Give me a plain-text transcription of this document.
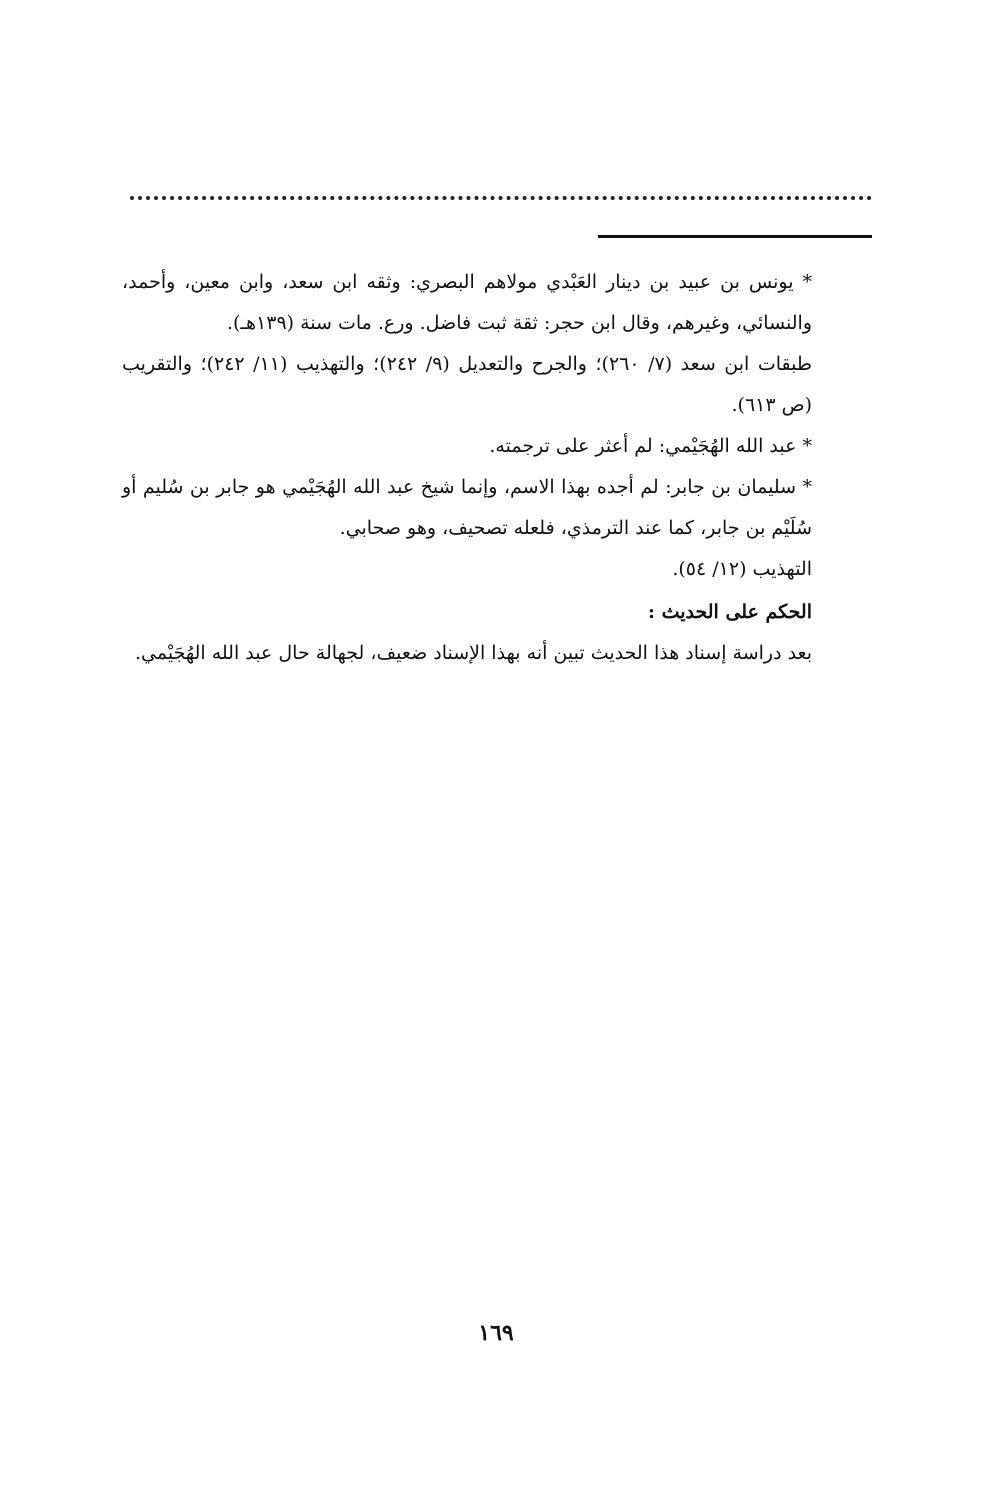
* يونس بن عبيد بن دينار العَبْدي مولاهم البصري: وثقه ابن سعد، وابن معين، وأحمد، والنسائي، وغيرهم، وقال ابن حجر: ثقة ثبت فاضل. ورع. مات سنة (١٣٩هـ).

طبقات ابن سعد (٧/ ٢٦٠)؛ والجرح والتعديل (٩/ ٢٤٢)؛ والتهذيب (١١/ ٢٤٢)؛ والتقريب (ص ٦١٣).

* عبد الله الهُجَيْمي: لم أعثر على ترجمته.

* سليمان بن جابر: لم أجده بهذا الاسم، وإنما شيخ عبد الله الهُجَيْمي هو جابر بن سُليم أو سُلَيْم بن جابر، كما عند الترمذي، فلعله تصحيف، وهو صحابي.

التهذيب (١٢/ ٥٤).

الحكم على الحديث :

بعد دراسة إسناد هذا الحديث تبين أنه بهذا الإسناد ضعيف، لجهالة حال عبد الله الهُجَيْمي.

١٦٩
